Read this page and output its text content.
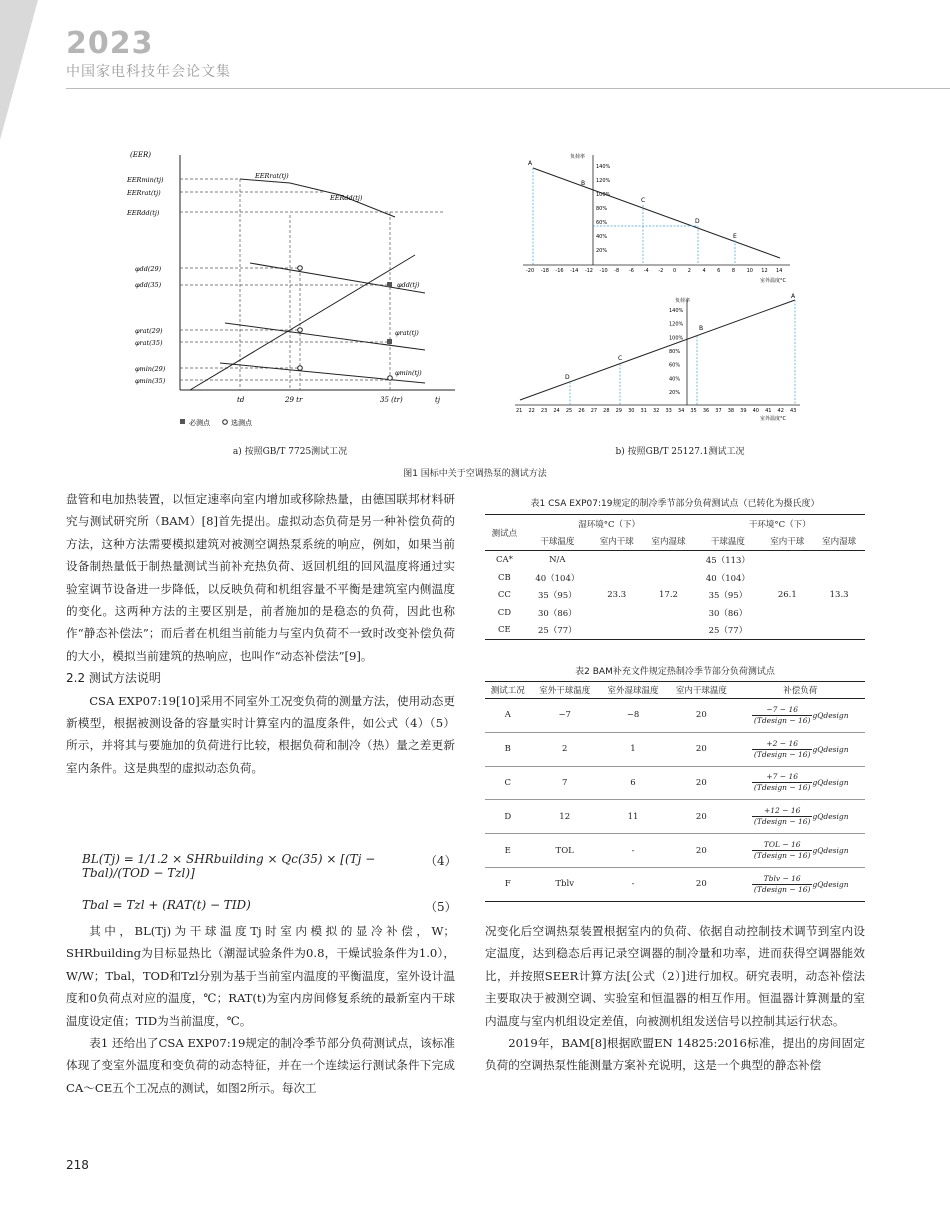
2023
中国家电科技年会论文集
(EER)
EERmin(tj)
EERrat(tj)
EERdd(tj)
φdd(29)
φdd(35)
φrat(29)
φrat(35)
φmin(29)
φmin(35)
EERrat(tj)
EERdd(tj)
φdd(tj)
φrat(tj)
φmin(tj)
td	29 tr	35 (tr)	tj
必测点	选测点
负荷率
室外温度°C
140%
120%
100%
80%
60%
40%
20%
-20 -18 -16 -14 -12 -10 -8 -6 -4 -2 0 2 4 6 8 10 12 14
A
B
C
D
E
负荷率
室外温度°C
140%
120%
100%
80%
60%
40%
20%
21 22 23 24 25 26 27 28 29 30 31 32 33 34 35 36 37 38 39 40 41 42 43
A
B
C
D
a) 按照GB/T 7725测试工况	b) 按照GB/T 25127.1测试工况
图1 国标中关于空调热泵的测试方法

盘管和电加热装置，以恒定速率向室内增加或移除热量，由德国联邦材料研究与测试研究所（BAM）[8]首先提出。虚拟动态负荷是另一种补偿负荷的方法，这种方法需要模拟建筑对被测空调热泵系统的响应，例如，如果当前设备制热量低于制热量测试当前补充热负荷、返回机组的回风温度将通过实验室调节设备进一步降低，以反映负荷和机组容量不平衡是建筑室内侧温度的变化。这两种方法的主要区别是，前者施加的是稳态的负荷，因此也称作“静态补偿法”；而后者在机组当前能力与室内负荷不一致时改变补偿负荷的大小，模拟当前建筑的热响应，也叫作“动态补偿法”[9]。

2.2 测试方法说明

CSA EXP07:19[10]采用不同室外工况变负荷的测量方法，使用动态更新模型，根据被测设备的容量实时计算室内的温度条件，如公式（4）（5）所示，并将其与要施加的负荷进行比较，根据负荷和制冷（热）量之差更新室内条件。这是典型的虚拟动态负荷。

BL(Tj) = 1/1.2 × SHRbuilding × Qc(35) × [(Tj − Tbal)/(TOD − Tzl)]
（4）
Tbal = Tzl + (RAT(t) − TID)	（5）

其中，BL(Tj)为干球温度Tj时室内模拟的显冷补偿，W；SHRbuilding为目标显热比（潮湿试验条件为0.8，干燥试验条件为1.0），W/W；Tbal，TOD和Tzl分别为基于当前室内温度的平衡温度，室外设计温度和0负荷点对应的温度，℃；RAT(t)为室内房间修复系统的最新室内干球温度设定值；TID为当前温度，℃。

表1 还给出了CSA EXP07:19规定的制冷季节部分负荷测试点，该标准体现了变室外温度和变负荷的动态特征，并在一个连续运行测试条件下完成CA～CE五个工况点的测试，如图2所示。每次工

表1 CSA EXP07:19规定的制冷季节部分负荷测试点（已转化为摄氏度）
测试点	湿环境°C（下）			干环境°C（下）		
	干球温度	室内干球	室内湿球	干球温度	室内干球	室内湿球
CA*	N/A	23.3	17.2	45（113）	26.1	13.3
CB	40（104）			40（104）		
CC	35（95）			35（95）		
CD	30（86）			30（86）		
CE	25（77）			25（77）		
表2 BAM补充文件规定热制冷季节部分负荷测试点
测试工况	室外干球温度	室外湿球温度	室内干球温度	补偿负荷
A	−7	−8	20	$\frac{-7 - 16}{\text{(Tdesign − 16)}}$ gQdesign
B	2	1	20	$\frac{+2 - 16}{\text{(Tdesign − 16)}}$ gQdesign
C	7	6	20	$\frac{+7 - 16}{\text{(Tdesign − 16)}}$ gQdesign
D	12	11	20	$\frac{+12 - 16}{\text{(Tdesign − 16)}}$ gQdesign
E	TOL	-	20	$\frac{\text{TOL − 16}}{\text{(Tdesign − 16)}}$ gQdesign
F	Tblv	-	20	$\frac{\text{Tblv − 16}}{\text{(Tdesign − 16)}}$ gQdesign

况变化后空调热泵装置根据室内的负荷、依据自动控制技术调节到室内设定温度，达到稳态后再记录空调器的制冷量和功率，进而获得空调器能效比，并按照SEER计算方法[公式（2）]进行加权。研究表明，动态补偿法主要取决于被测空调、实验室和恒温器的相互作用。恒温器计算测量的室内温度与室内机组设定差值，向被测机组发送信号以控制其运行状态。

2019年，BAM[8]根据欧盟EN 14825:2016标准，提出的房间固定负荷的空调热泵性能测量方案补充说明，这是一个典型的静态补偿

218
